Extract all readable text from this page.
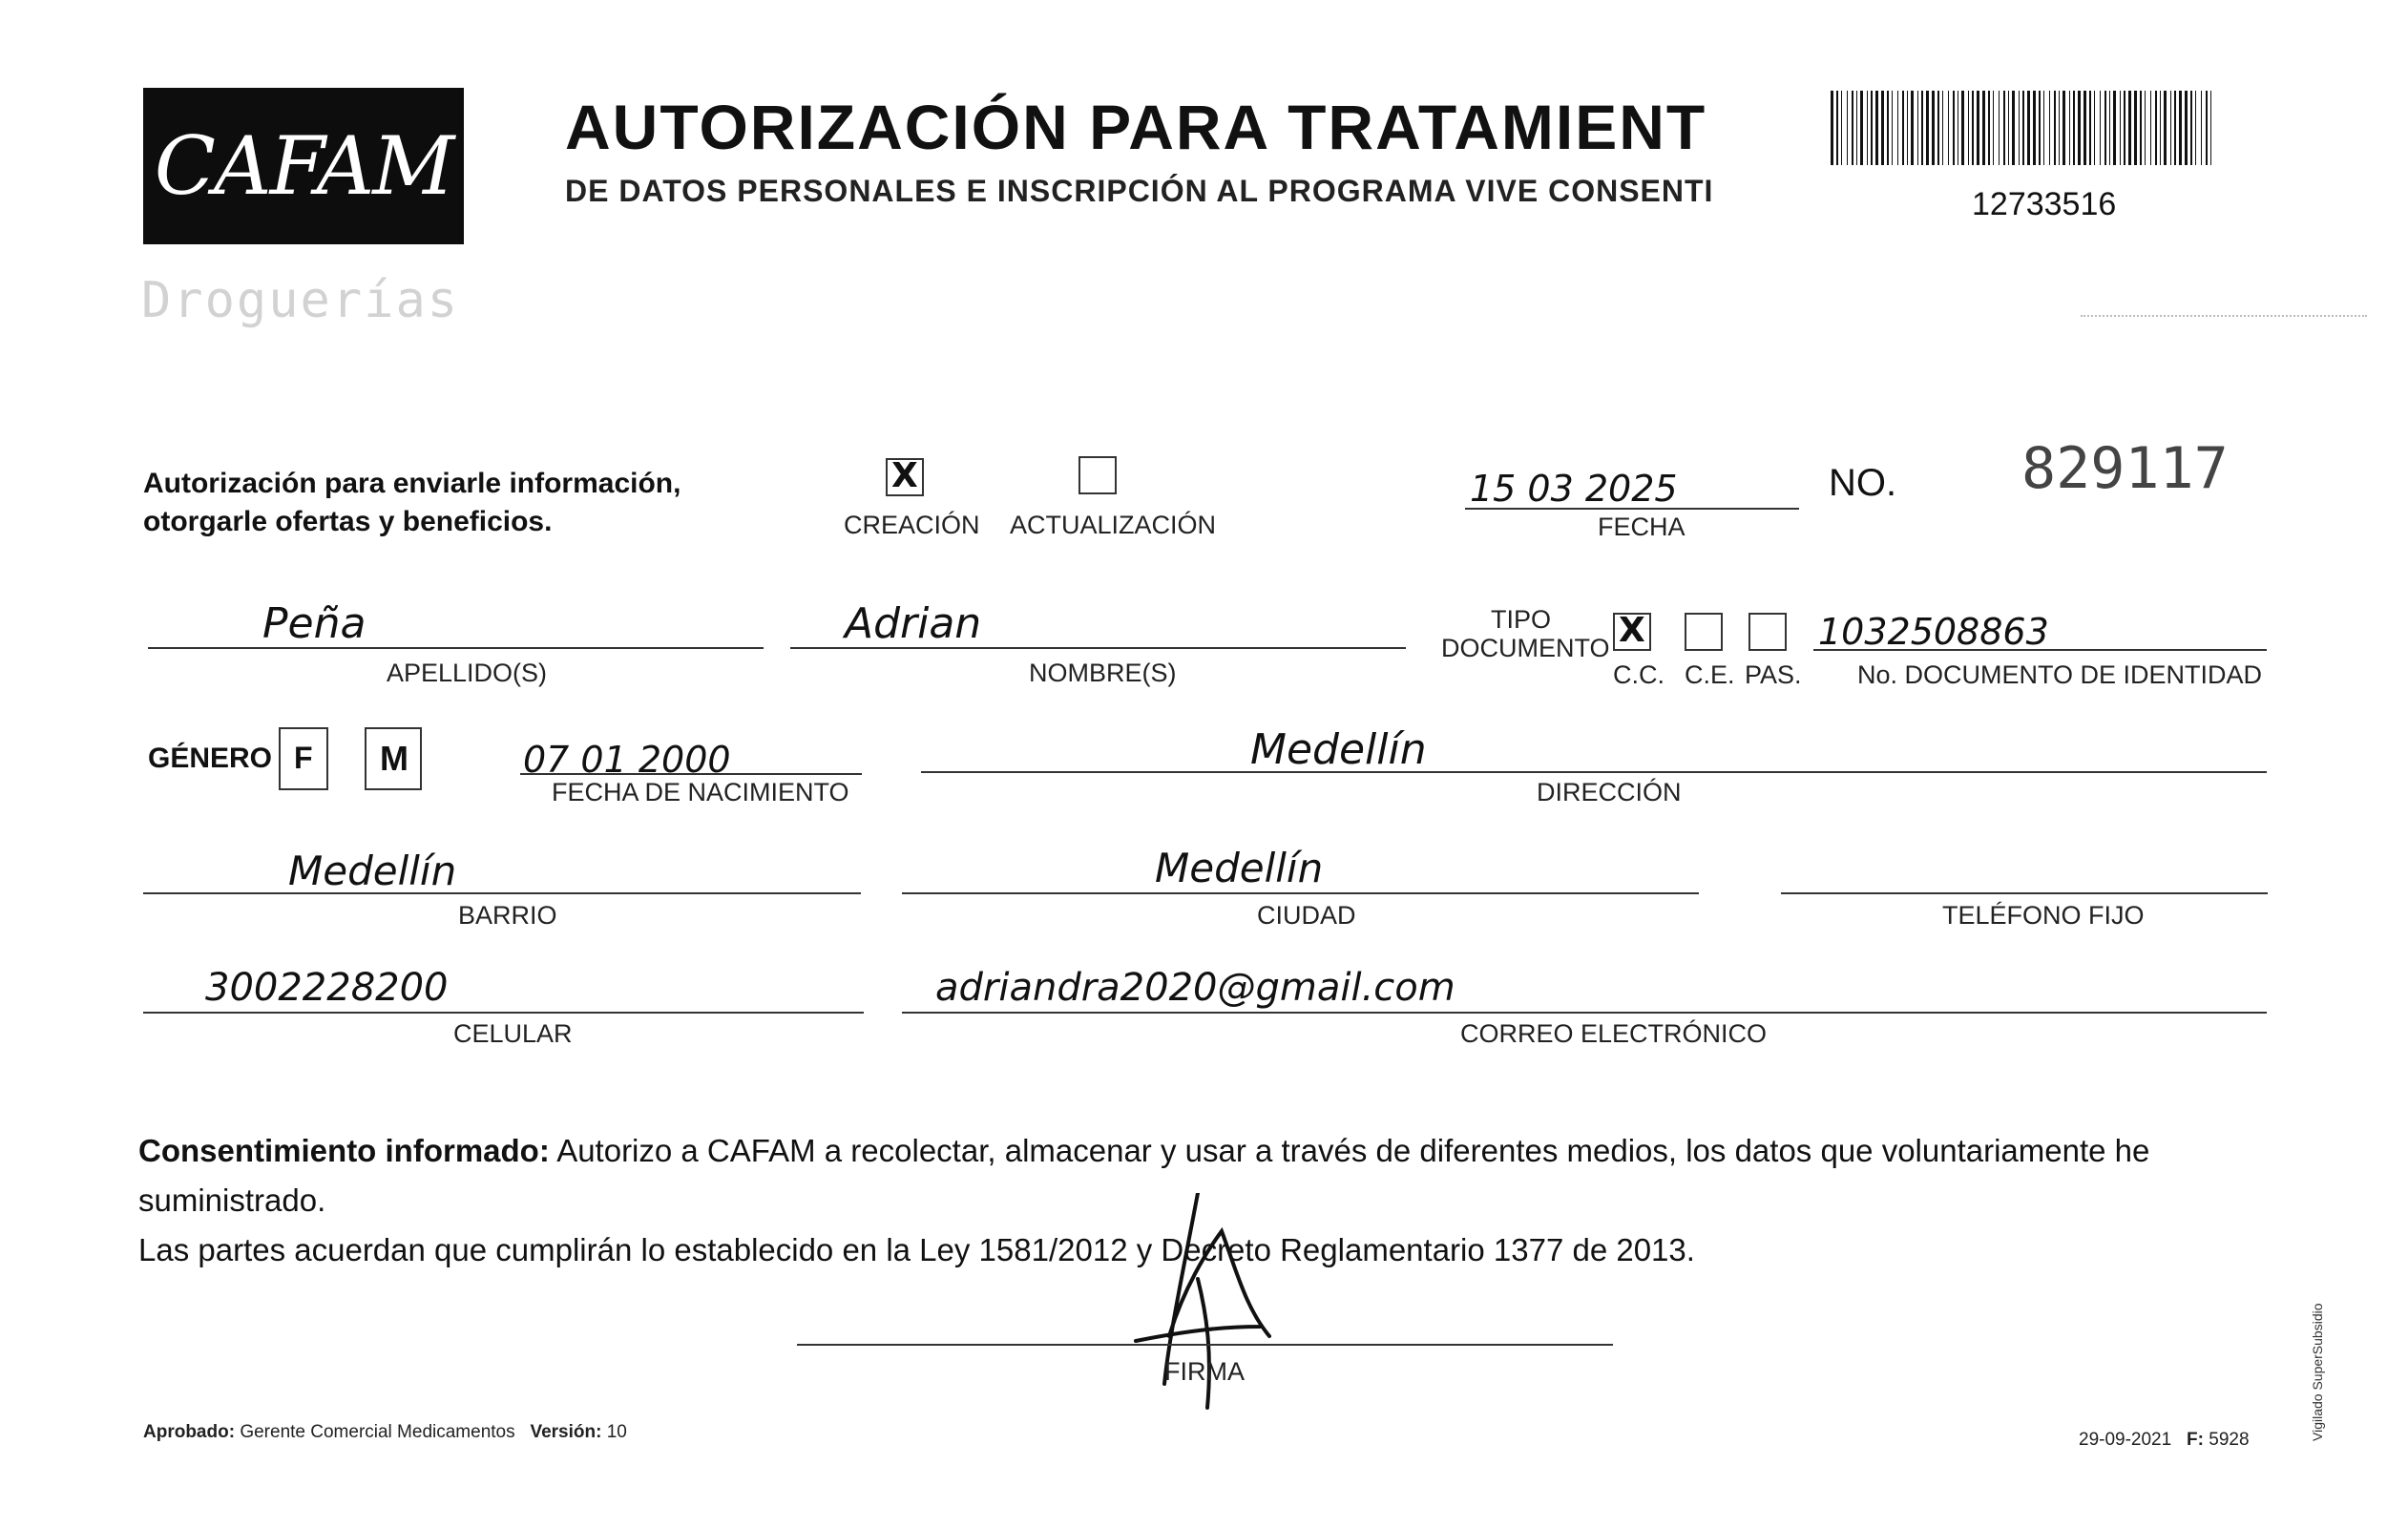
CAFAM
Droguerías
AUTORIZACIÓN PARA TRATAMIENT
DE DATOS PERSONALES E INSCRIPCIÓN AL PROGRAMA VIVE CONSENTI	12733516
Autorización para enviarle información,
otorgarle ofertas y beneficios.
X	CREACIÓN ACTUALIZACIÓN
15 03 2025
FECHA
NO. 829117
Peña
APELLIDO(S)
Adrian
NOMBRE(S)
TIPO
DOCUMENTO
X
C.C. C.E. PAS.
1032508863
No. DOCUMENTO DE IDENTIDAD
GÉNERO F M	07 01 2000
FECHA DE NACIMIENTO
Medellín
DIRECCIÓN
Medellín
BARRIO
Medellín
CIUDAD	TELÉFONO FIJO
3002228200
CELULAR
adriandra2020@gmail.com
CORREO ELECTRÓNICO
Consentimiento informado: Autorizo a CAFAM a recolectar, almacenar y usar a través de diferentes medios, los datos que voluntariamente he suministrado.
Las partes acuerdan que cumplirán lo establecido en la Ley 1581/2012 y Decreto Reglamentario 1377 de 2013.
FIRMA
Aprobado: Gerente Comercial Medicamentos Versión: 10	29-09-2021 F: 5928	Vigilado SuperSubsidio
